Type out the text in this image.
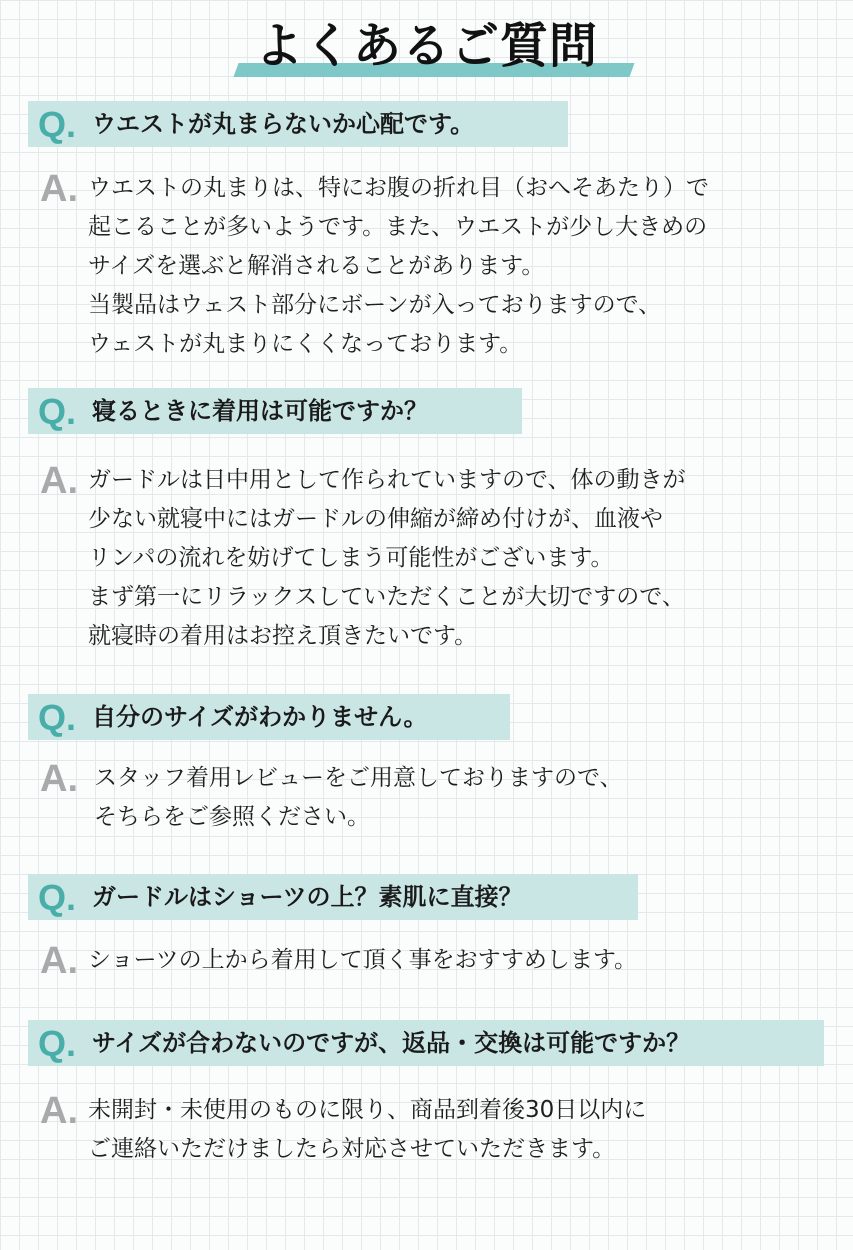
よくあるご質問
Q. ウエストが丸まらないか心配です。
A. ウエストの丸まりは、特にお腹の折れ目（おへそあたり）で
起こることが多いようです。また、ウエストが少し大きめの
サイズを選ぶと解消されることがあります。
当製品はウェスト部分にボーンが入っておりますので、
ウェストが丸まりにくくなっております。
Q. 寝るときに着用は可能ですか？
A. ガードルは日中用として作られていますので、体の動きが
少ない就寝中にはガードルの伸縮が締め付けが、血液や
リンパの流れを妨げてしまう可能性がございます。
まず第一にリラックスしていただくことが大切ですので、
就寝時の着用はお控え頂きたいです。
Q. 自分のサイズがわかりません。
A. スタッフ着用レビューをご用意しておりますので、
そちらをご参照ください。
Q. ガードルはショーツの上？素肌に直接？
A. ショーツの上から着用して頂く事をおすすめします。
Q. サイズが合わないのですが、返品・交換は可能ですか？
A. 未開封・未使用のものに限り、商品到着後30日以内に
ご連絡いただけましたら対応させていただきます。
